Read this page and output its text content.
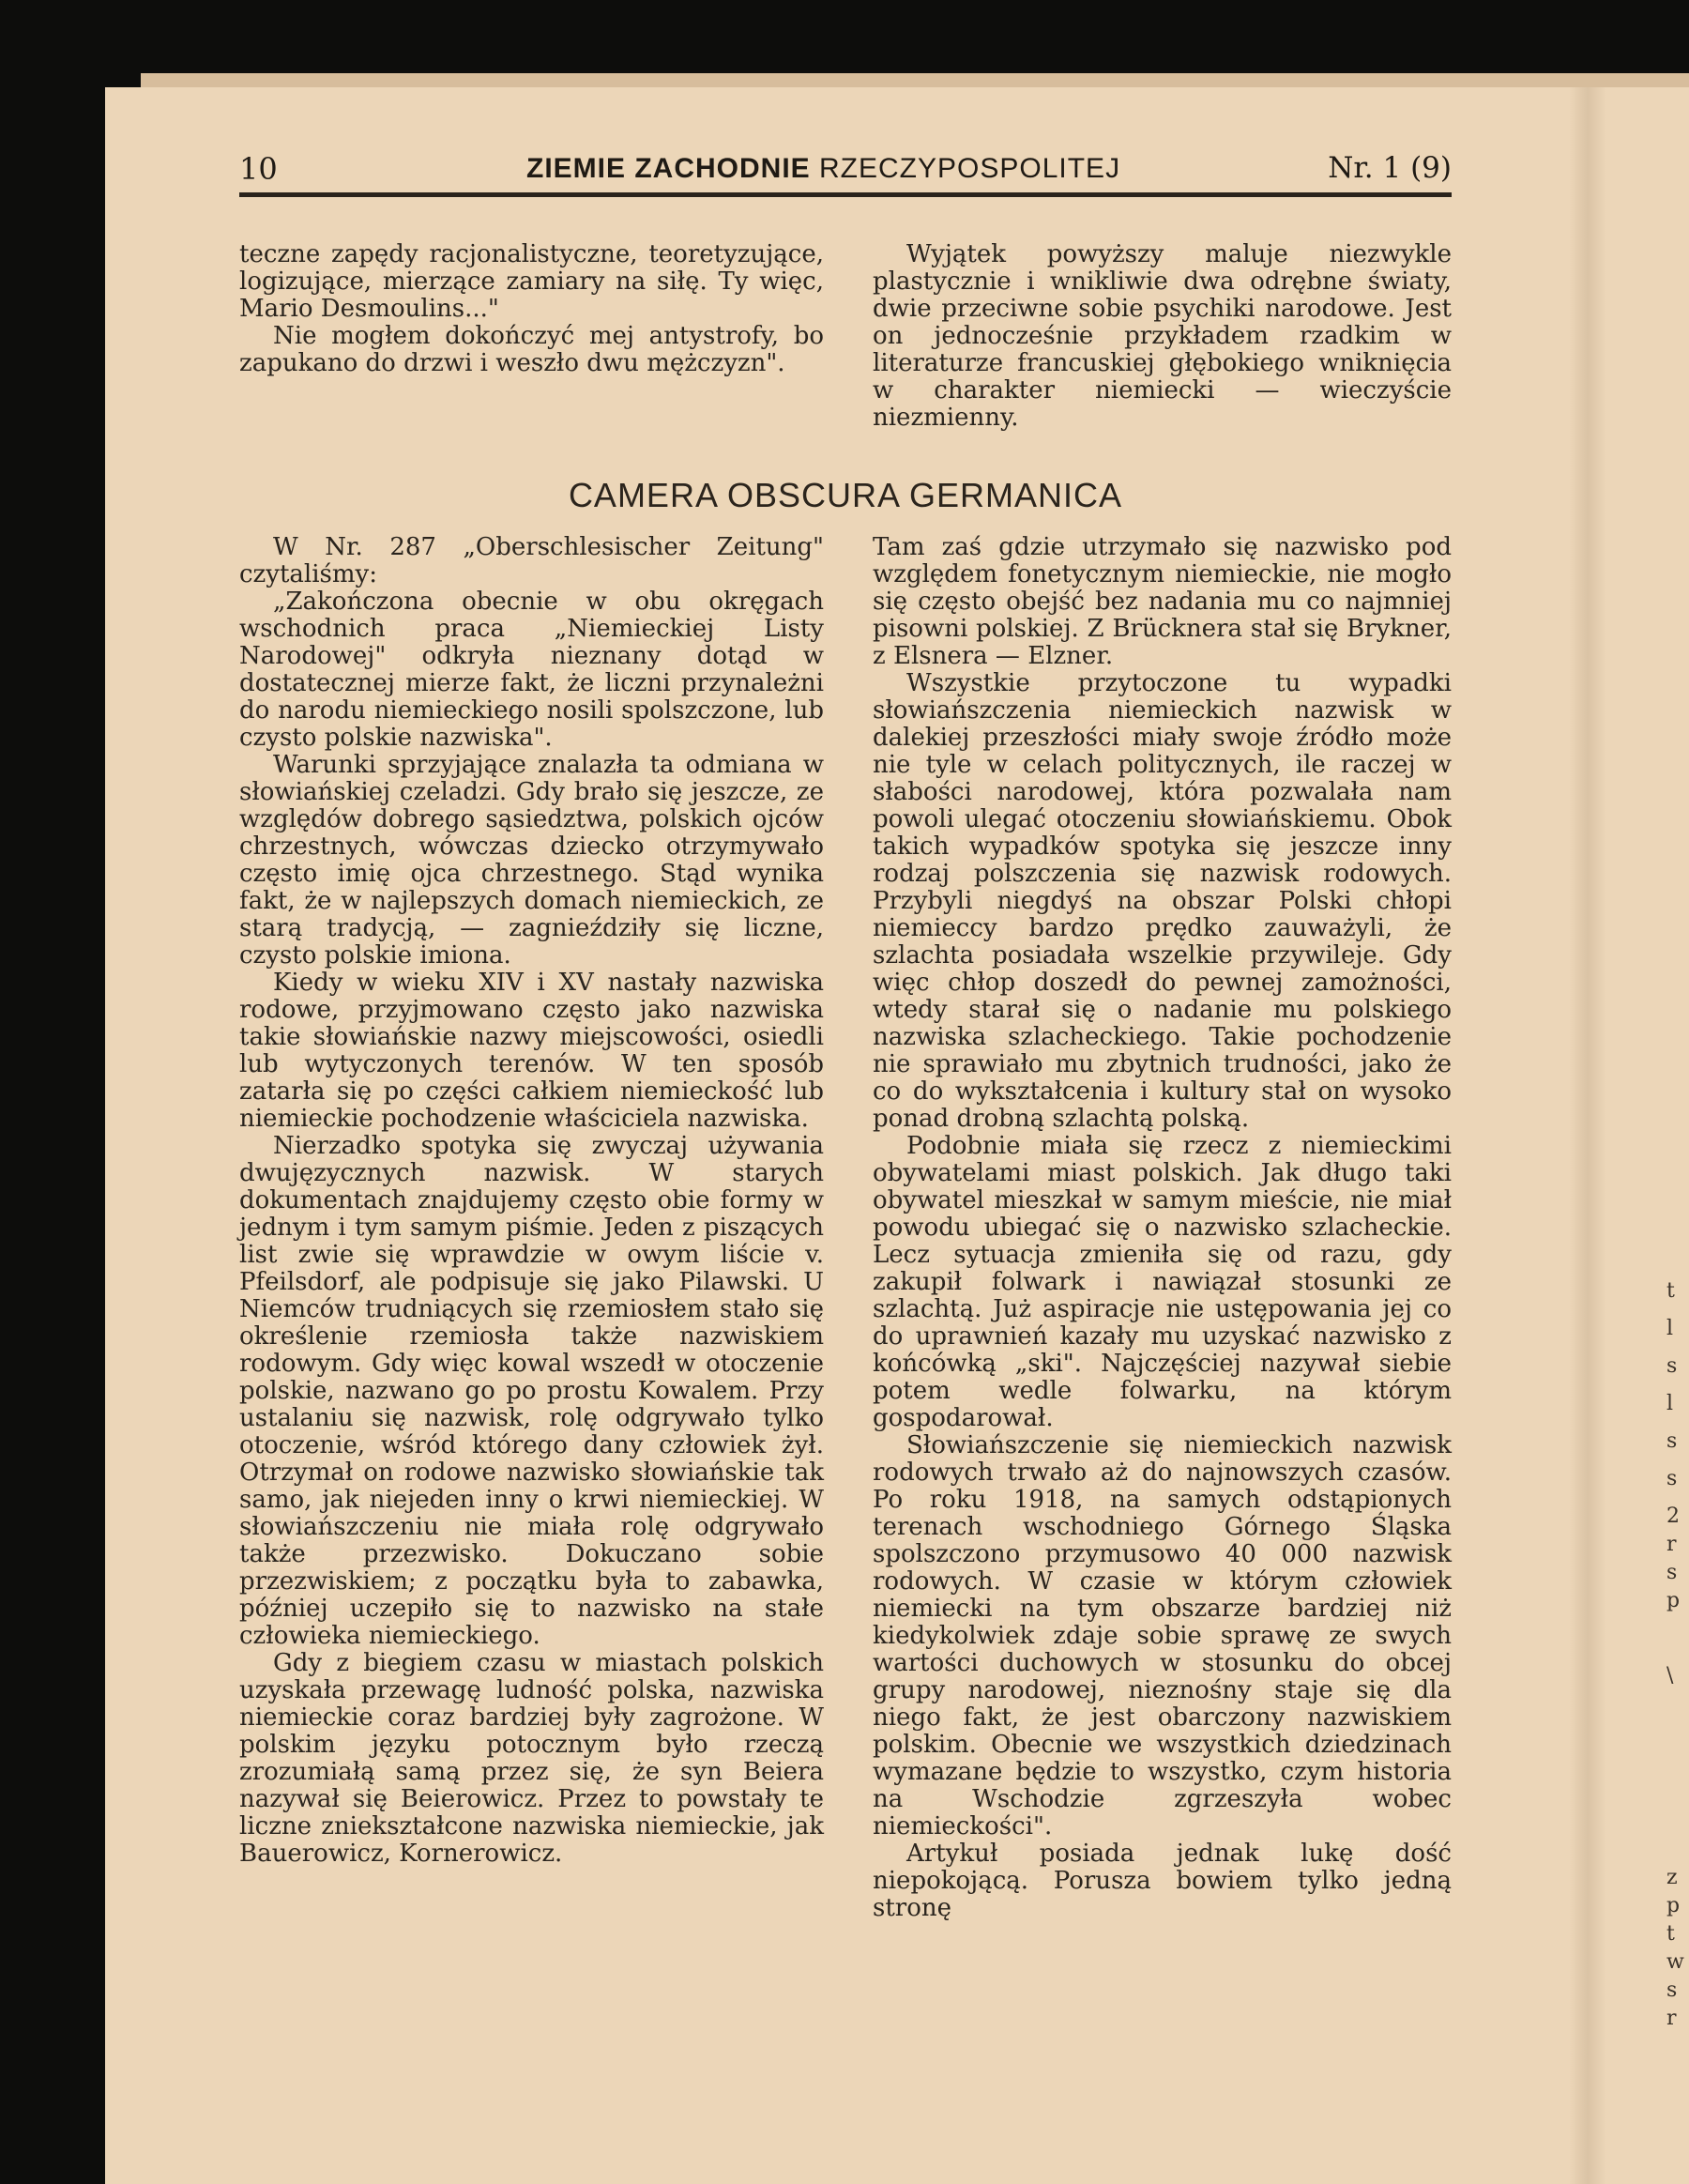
10	ZIEMIE ZACHODNIE RZECZYPOSPOLITEJ	Nr. 1 (9)

teczne zapędy racjonalistyczne, teoretyzujące, logizujące, mierzące zamiary na siłę. Ty więc, Mario Desmoulins..."

Nie mogłem dokończyć mej antystrofy, bo zapukano do drzwi i weszło dwu mężczyzn".

Wyjątek powyższy maluje niezwykle plastycznie i wnikliwie dwa odrębne światy, dwie przeciwne sobie psychiki narodowe. Jest on jednocześnie przykładem rzadkim w literaturze francuskiej głębokiego wniknięcia w charakter niemiecki — wieczyście niezmienny.

CAMERA OBSCURA GERMANICA

W Nr. 287 „Oberschlesischer Zeitung" czytaliśmy:

„Zakończona obecnie w obu okręgach wschodnich praca „Niemieckiej Listy Narodowej" odkryła nieznany dotąd w dostatecznej mierze fakt, że liczni przynależni do narodu niemieckiego nosili spolszczone, lub czysto polskie nazwiska".

Warunki sprzyjające znalazła ta odmiana w słowiańskiej czeladzi. Gdy brało się jeszcze, ze względów dobrego sąsiedztwa, polskich ojców chrzestnych, wówczas dziecko otrzymywało często imię ojca chrzestnego. Stąd wynika fakt, że w najlepszych domach niemieckich, ze starą tradycją, — zagnieździły się liczne, czysto polskie imiona.

Kiedy w wieku XIV i XV nastały nazwiska rodowe, przyjmowano często jako nazwiska takie słowiańskie nazwy miejscowości, osiedli lub wytyczonych terenów. W ten sposób zatarła się po części całkiem niemieckość lub niemieckie pochodzenie właściciela nazwiska.

Nierzadko spotyka się zwyczaj używania dwujęzycznych nazwisk. W starych dokumentach znajdujemy często obie formy w jednym i tym samym piśmie. Jeden z piszących list zwie się wprawdzie w owym liście v. Pfeilsdorf, ale podpisuje się jako Pilawski. U Niemców trudniących się rzemiosłem stało się określenie rzemiosła także nazwiskiem rodowym. Gdy więc kowal wszedł w otoczenie polskie, nazwano go po prostu Kowalem. Przy ustalaniu się nazwisk, rolę odgrywało tylko otoczenie, wśród którego dany człowiek żył. Otrzymał on rodowe nazwisko słowiańskie tak samo, jak niejeden inny o krwi niemieckiej. W słowiańszczeniu nie miała rolę odgrywało także przezwisko. Dokuczano sobie przezwiskiem; z początku była to zabawka, później uczepiło się to nazwisko na stałe człowieka niemieckiego.

Gdy z biegiem czasu w miastach polskich uzyskała przewagę ludność polska, nazwiska niemieckie coraz bardziej były zagrożone. W polskim języku potocznym było rzeczą zrozumiałą samą przez się, że syn Beiera nazywał się Beierowicz. Przez to powstały te liczne zniekształcone nazwiska niemieckie, jak Bauerowicz, Kornerowicz.

Tam zaś gdzie utrzymało się nazwisko pod względem fonetycznym niemieckie, nie mogło się często obejść bez nadania mu co najmniej pisowni polskiej. Z Brücknera stał się Brykner, z Elsnera — Elzner.

Wszystkie przytoczone tu wypadki słowiańszczenia niemieckich nazwisk w dalekiej przeszłości miały swoje źródło może nie tyle w celach politycznych, ile raczej w słabości narodowej, która pozwalała nam powoli ulegać otoczeniu słowiańskiemu. Obok takich wypadków spotyka się jeszcze inny rodzaj polszczenia się nazwisk rodowych. Przybyli niegdyś na obszar Polski chłopi niemieccy bardzo prędko zauważyli, że szlachta posiadała wszelkie przywileje. Gdy więc chłop doszedł do pewnej zamożności, wtedy starał się o nadanie mu polskiego nazwiska szlacheckiego. Takie pochodzenie nie sprawiało mu zbytnich trudności, jako że co do wykształcenia i kultury stał on wysoko ponad drobną szlachtą polską.

Podobnie miała się rzecz z niemieckimi obywatelami miast polskich. Jak długo taki obywatel mieszkał w samym mieście, nie miał powodu ubiegać się o nazwisko szlacheckie. Lecz sytuacja zmieniła się od razu, gdy zakupił folwark i nawiązał stosunki ze szlachtą. Już aspiracje nie ustępowania jej co do uprawnień kazały mu uzyskać nazwisko z końcówką „ski". Najczęściej nazywał siebie potem wedle folwarku, na którym gospodarował.

Słowiańszczenie się niemieckich nazwisk rodowych trwało aż do najnowszych czasów. Po roku 1918, na samych odstąpionych terenach wschodniego Górnego Śląska spolszczono przymusowo 40 000 nazwisk rodowych. W czasie w którym człowiek niemiecki na tym obszarze bardziej niż kiedykolwiek zdaje sobie sprawę ze swych wartości duchowych w stosunku do obcej grupy narodowej, nieznośny staje się dla niego fakt, że jest obarczony nazwiskiem polskim. Obecnie we wszystkich dziedzinach wymazane będzie to wszystko, czym historia na Wschodzie zgrzeszyła wobec niemieckości".

Artykuł posiada jednak lukę dość niepokojącą. Porusza bowiem tylko jedną stronę

t
l
s
l
s
s
2
r
s
p
\
z
p
t
w
s
r
